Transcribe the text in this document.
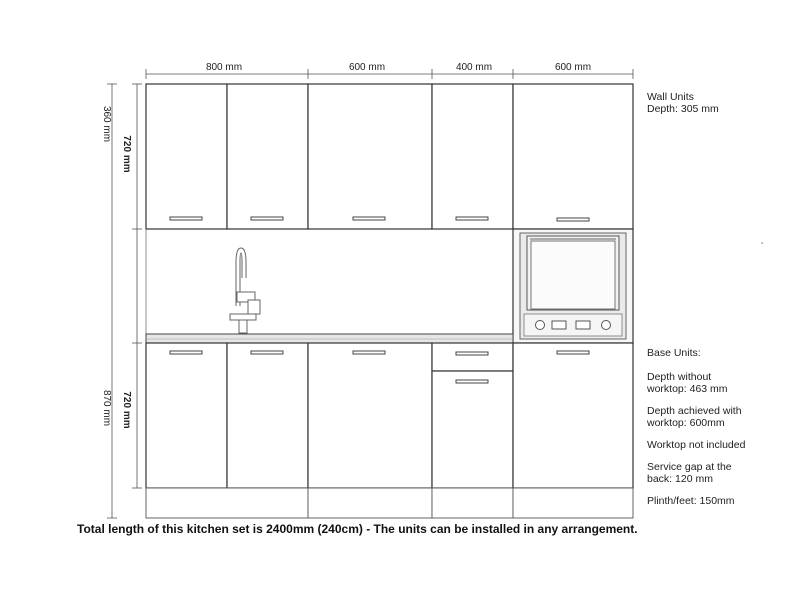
800 mm	600 mm	400 mm	600 mm
360 mm
720 mm
870 mm 720 mm
Wall Units
Depth: 305 mm
Base Units:
Depth without
worktop: 463 mm
Depth achieved with
worktop: 600mm
Worktop not included
Service gap at the
back: 120 mm
Plinth/feet: 150mm

Total length of this kitchen set is 2400mm (240cm) - The units can be installed in any arrangement.
